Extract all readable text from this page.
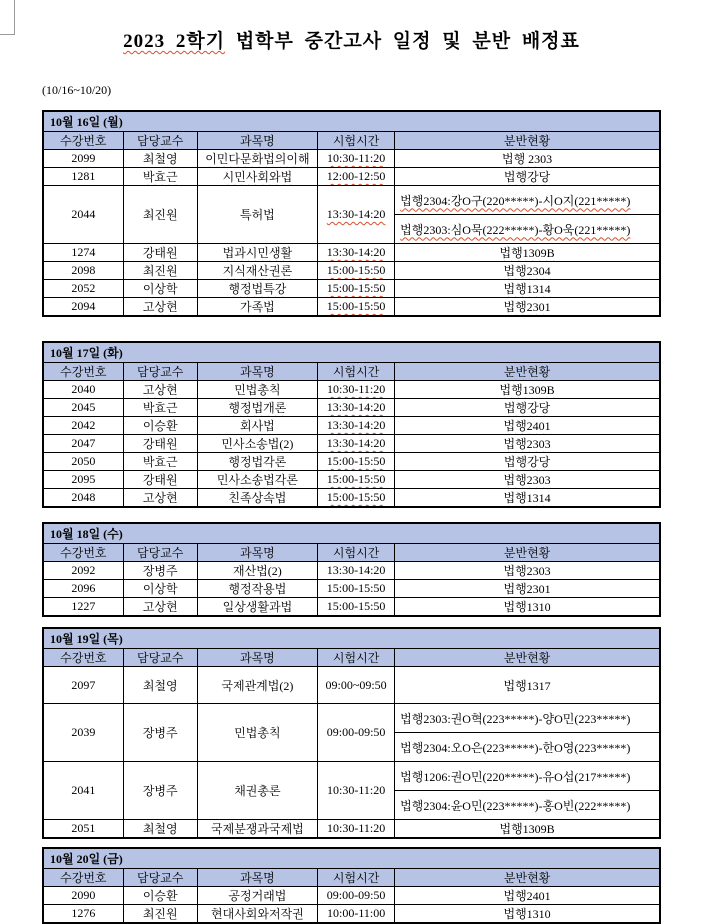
2023 2학기 법학부 중간고사 일정 및 분반 배정표
(10/16~10/20)
10월 16일 (월)				
수강번호	담당교수	과목명	시험시간	분반현황
2099	최철영	이민다문화법의이해	10:30-11:20	법행 2303
1281	박효근	시민사회와법	12:00-12:50	법행강당
2044	최진원	특허법	13:30-14:20	법행2304:강O구(220*****)-시O지(221*****)
				법행2303:심O묵(222*****)-황O욱(221*****)
1274	강태원	법과시민생활	13:30-14:20	법행1309B
2098	최진원	지식재산권론	15:00-15:50	법행2304
2052	이상학	행정법특강	15:00-15:50	법행1314
2094	고상현	가족법	15:00-15:50	법행2301
10월 17일 (화)				
수강번호	담당교수	과목명	시험시간	분반현황
2040	고상현	민법총칙	10:30-11:20	법행1309B
2045	박효근	행정법개론	13:30-14:20	법행강당
2042	이승환	회사법	13:30-14:20	법행2401
2047	강태원	민사소송법(2)	13:30-14:20	법행2303
2050	박효근	행정법각론	15:00-15:50	법행강당
2095	강태원	민사소송법각론	15:00-15:50	법행2303
2048	고상현	친족상속법	15:00-15:50	법행1314
10월 18일 (수)				
수강번호	담당교수	과목명	시험시간	분반현황
2092	장병주	재산법(2)	13:30-14:20	법행2303
2096	이상학	행정작용법	15:00-15:50	법행2301
1227	고상현	일상생활과법	15:00-15:50	법행1310
10월 19일 (목)				
수강번호	담당교수	과목명	시험시간	분반현황
2097	최철영	국제관계법(2)	09:00~09:50	법행1317
2039	장병주	민법총칙	09:00-09:50	법행2303:권O혁(223*****)-양O민(223*****)
				법행2304:오O은(223*****)-한O영(223*****)
2041	장병주	채권총론	10:30-11:20	법행1206:권O민(220*****)-유O섭(217*****)
				법행2304:윤O민(223*****)-홍O빈(222*****)
2051	최철영	국제분쟁과국제법	10:30-11:20	법행1309B
10월 20일 (금)				
수강번호	담당교수	과목명	시험시간	분반현황
2090	이승환	공정거래법	09:00-09:50	법행2401
1276	최진원	현대사회와저작권	10:00-11:00	법행1310
